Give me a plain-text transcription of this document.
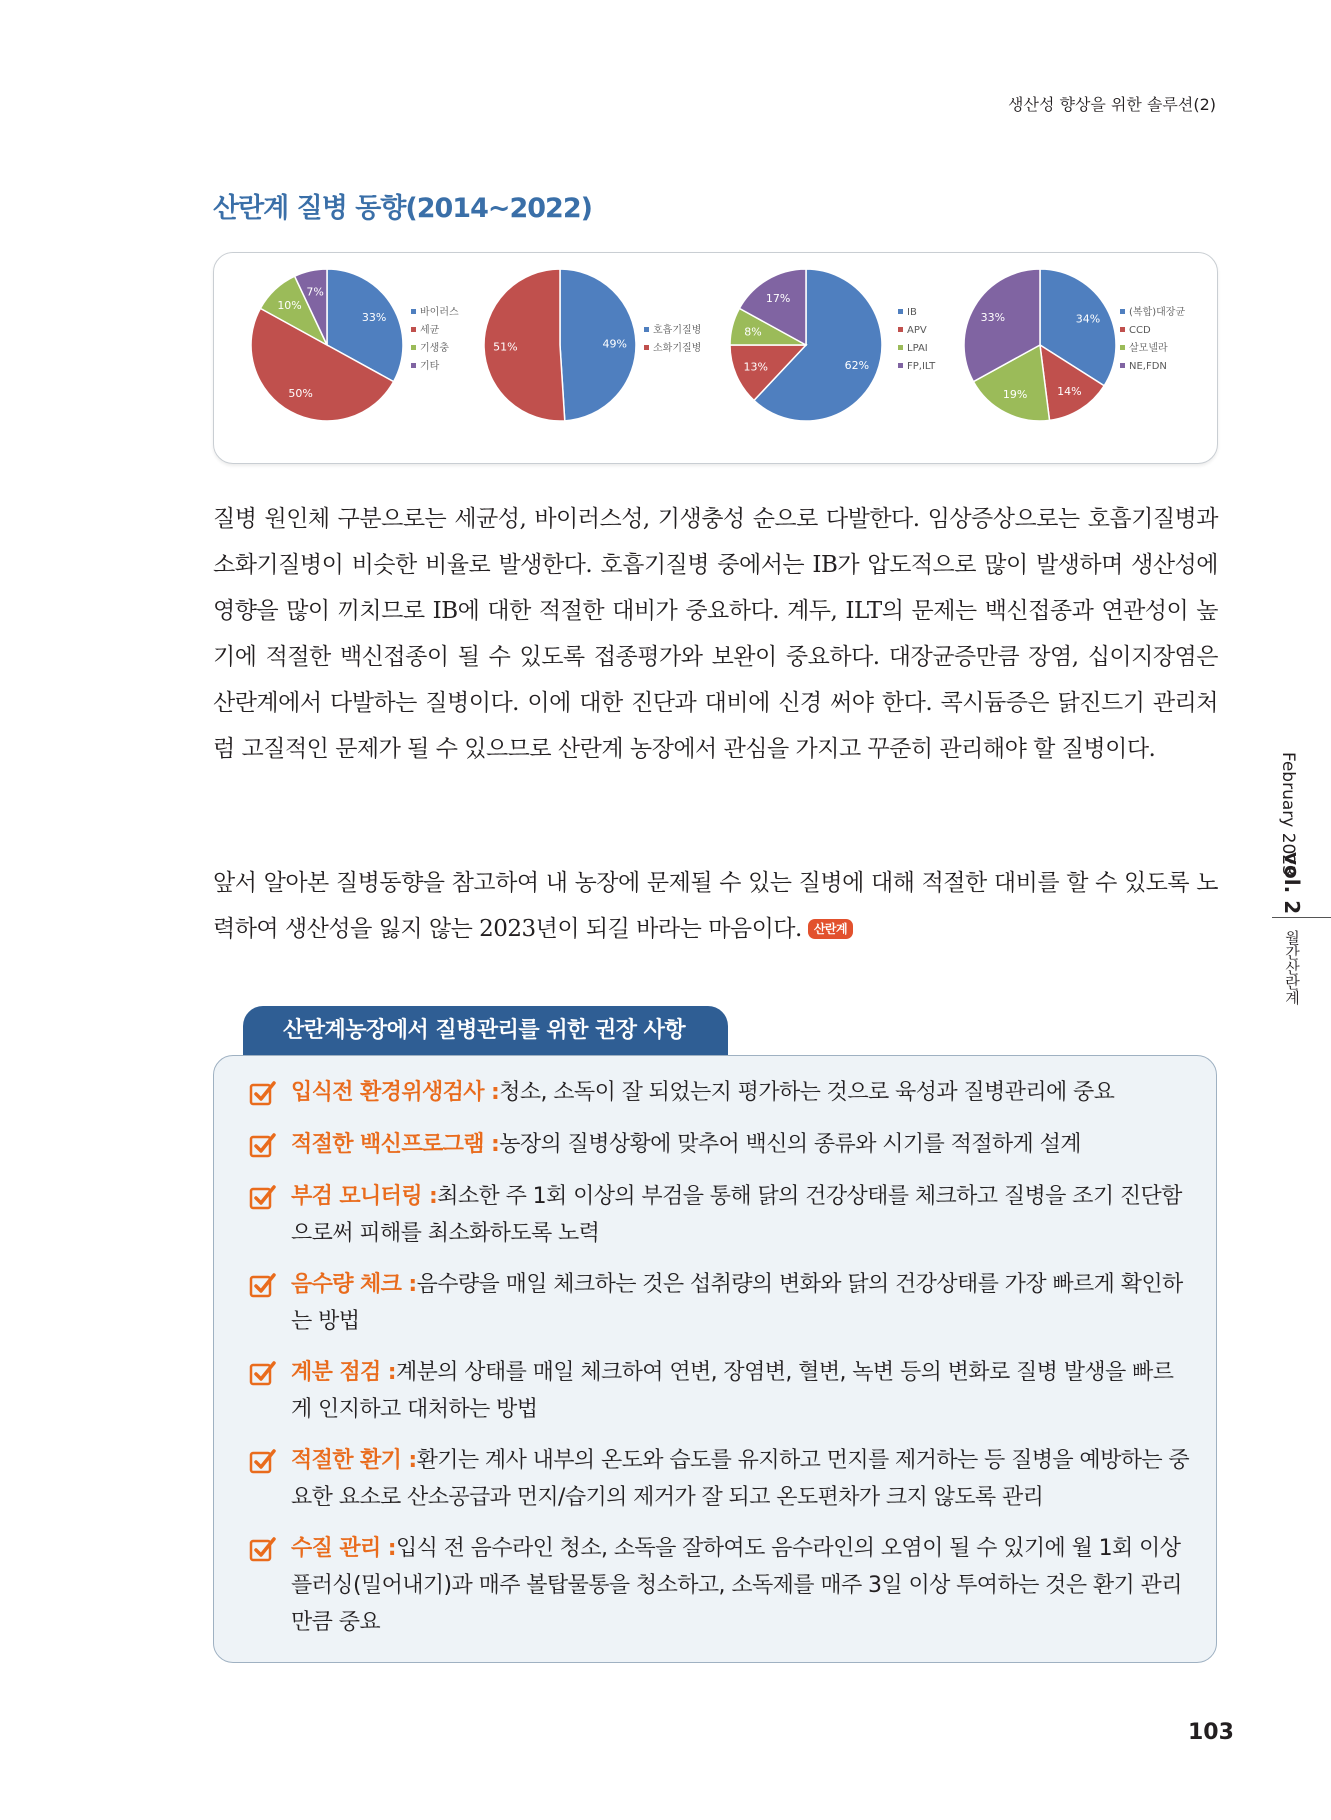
생산성 향상을 위한 솔루션(2)
산란계 질병 동향(2014~2022)
33%
50%
10%
7%
바이러스
세균
기생충
기타
49%
51%
호흡기질병
소화기질병
62%
13%
8%
17%
IB
APV
LPAI
FP,ILT
34%
14%
19%
33%	(복합)대장균
CCD
살모넬라
NE,FDN
질병 원인체 구분으로는 세균성, 바이러스성, 기생충성 순으로 다발한다. 임상증상으로는 호흡기질병과 소화기질병이 비슷한 비율로 발생한다. 호흡기질병 중에서는 IB가 압도적으로 많이 발생하며 생산성에 영향을 많이 끼치므로 IB에 대한 적절한 대비가 중요하다. 계두, ILT의 문제는 백신접종과 연관성이 높기에 적절한 백신접종이 될 수 있도록 접종평가와 보완이 중요하다. 대장균증만큼 장염, 십이지장염은 산란계에서 다발하는 질병이다. 이에 대한 진단과 대비에 신경 써야 한다. 콕시듐증은 닭진드기 관리처럼 고질적인 문제가 될 수 있으므로 산란계 농장에서 관심을 가지고 꾸준히 관리해야 할 질병이다.
앞서 알아본 질병동향을 참고하여 내 농장에 문제될 수 있는 질병에 대해 적절한 대비를 할 수 있도록 노력하여 생산성을 잃지 않는 2023년이 되길 바라는 마음이다. 산란계
February 2023
vol. 2
월간산란계
산란계농장에서 질병관리를 위한 권장 사항
입식전 환경위생검사 :청소, 소독이 잘 되었는지 평가하는 것으로 육성과 질병관리에 중요
적절한 백신프로그램 :농장의 질병상황에 맞추어 백신의 종류와 시기를 적절하게 설계
부검 모니터링 :최소한 주 1회 이상의 부검을 통해 닭의 건강상태를 체크하고 질병을 조기 진단함으로써 피해를 최소화하도록 노력
음수량 체크 :음수량을 매일 체크하는 것은 섭취량의 변화와 닭의 건강상태를 가장 빠르게 확인하는 방법
계분 점검 :계분의 상태를 매일 체크하여 연변, 장염변, 혈변, 녹변 등의 변화로 질병 발생을 빠르게 인지하고 대처하는 방법
적절한 환기 :환기는 계사 내부의 온도와 습도를 유지하고 먼지를 제거하는 등 질병을 예방하는 중요한 요소로 산소공급과 먼지/습기의 제거가 잘 되고 온도편차가 크지 않도록 관리
수질 관리 :입식 전 음수라인 청소, 소독을 잘하여도 음수라인의 오염이 될 수 있기에 월 1회 이상 플러싱(밀어내기)과 매주 볼탑물통을 청소하고, 소독제를 매주 3일 이상 투여하는 것은 환기 관리만큼 중요
103
